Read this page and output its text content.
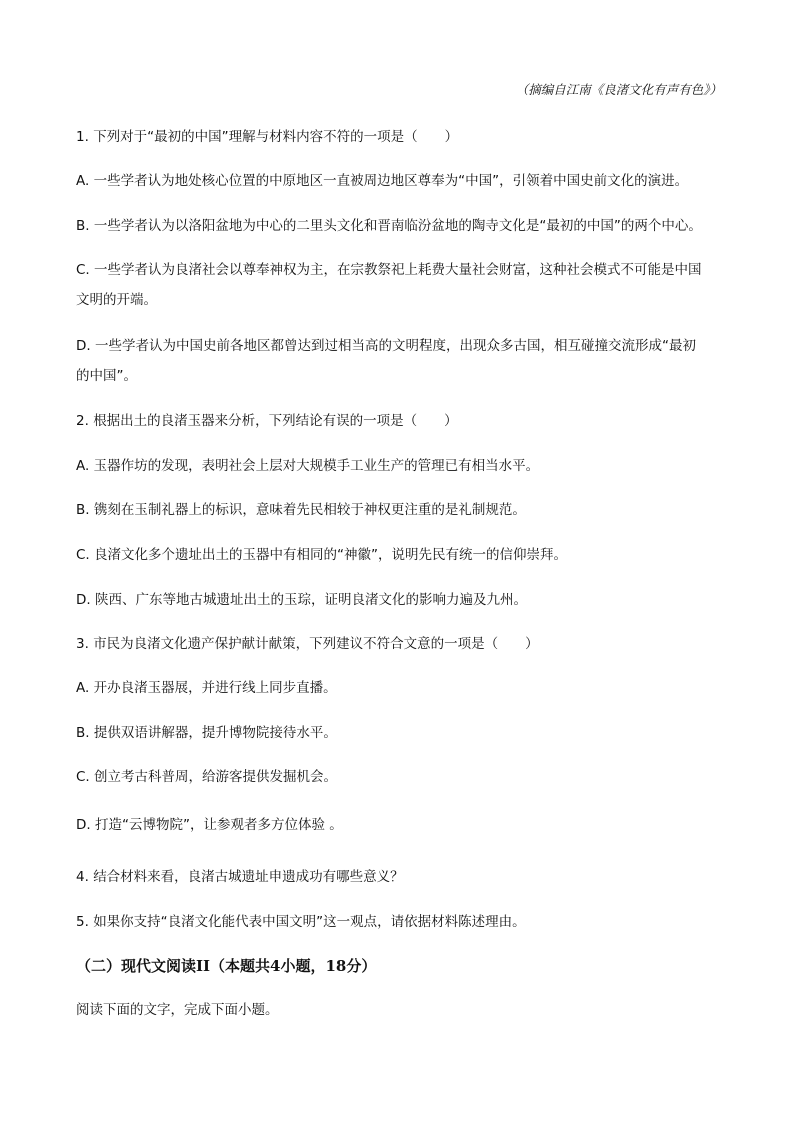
（摘编自江南《良渚文化有声有色》）
1. 下列对于“最初的中国”理解与材料内容不符的一项是（　　）
A. 一些学者认为地处核心位置的中原地区一直被周边地区尊奉为“中国”，引领着中国史前文化的演进。
B. 一些学者认为以洛阳盆地为中心的二里头文化和晋南临汾盆地的陶寺文化是“最初的中国”的两个中心。
C. 一些学者认为良渚社会以尊奉神权为主，在宗教祭祀上耗费大量社会财富，这种社会模式不可能是中国
文明的开端。
D. 一些学者认为中国史前各地区都曾达到过相当高的文明程度，出现众多古国，相互碰撞交流形成“最初
的中国”。
2. 根据出土的良渚玉器来分析，下列结论有误的一项是（　　）
A. 玉器作坊的发现，表明社会上层对大规模手工业生产的管理已有相当水平。
B. 镌刻在玉制礼器上的标识，意味着先民相较于神权更注重的是礼制规范。
C. 良渚文化多个遗址出土的玉器中有相同的“神徽”，说明先民有统一的信仰崇拜。
D. 陕西、广东等地古城遗址出土的玉琮，证明良渚文化的影响力遍及九州。
3. 市民为良渚文化遗产保护献计献策，下列建议不符合文意的一项是（　　）
A. 开办良渚玉器展，并进行线上同步直播。
B. 提供双语讲解器，提升博物院接待水平。
C. 创立考古科普周，给游客提供发掘机会。
D. 打造“云博物院”，让参观者多方位体验 。
4. 结合材料来看，良渚古城遗址申遗成功有哪些意义？
5. 如果你支持“良渚文化能代表中国文明”这一观点，请依据材料陈述理由。
（二）现代文阅读II（本题共4小题，18分）
阅读下面的文字，完成下面小题。
